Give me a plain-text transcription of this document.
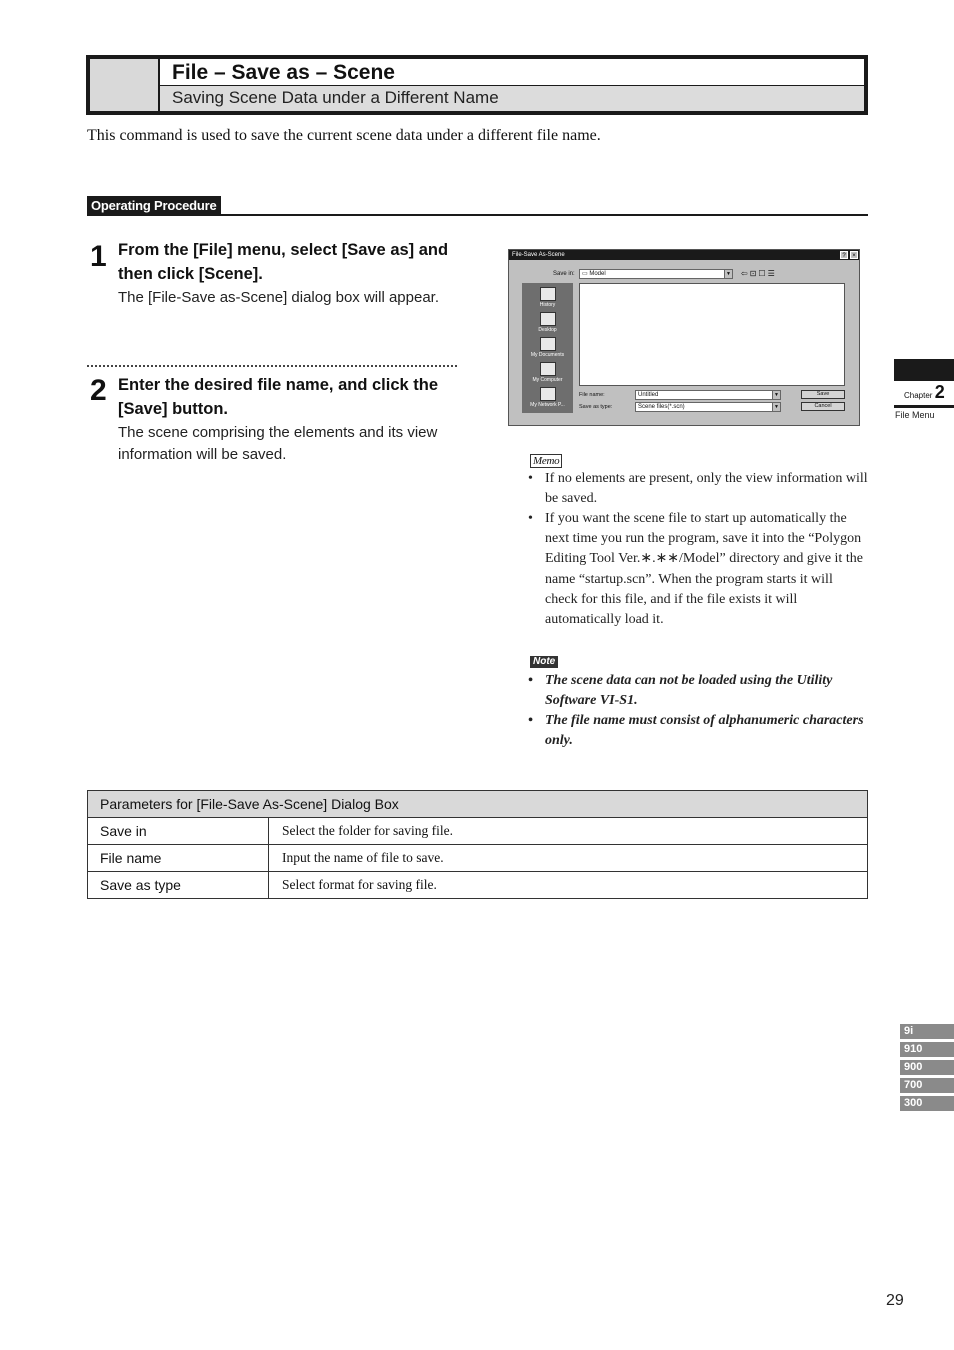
File – Save as – Scene
Saving Scene Data under a Different Name

This command is used to save the current scene data under a different file name.

Operating Procedure
1 From the [File] menu, select [Save as] and then click [Scene].
The [File-Save as-Scene] dialog box will appear.
2 Enter the desired file name, and click the [Save] button.
The scene comprising the elements and its view information will be saved.
File-Save As-Scene	?	×
Save in:	▭ Model	▼ ⇦⊡☐☰
History
Desktop
My Documents
My Computer
My Network P...
File name:	Untitled	▼
Save as type:	Scene files(*.scn)	▼
Save
Cancel
Memo
• If no elements are present, only the view information will be saved.
• If you want the scene file to start up automatically the next time you run the program, save it into the “Polygon Editing Tool Ver.∗.∗∗/Model” directory and give it the name “startup.scn”. When the program starts it will check for this file, and if the file exists it will automatically load it.
Note
• The scene data can not be loaded using the Utility Software VI-S1.
• The file name must consist of alphanumeric characters only.
Parameters for [File-Save As-Scene] Dialog Box	
Save in	Select the folder for saving file.
File name	Input the name of file to save.
Save as type	Select format for saving file.
Chapter 2
File Menu
9i
910
900
700
300
29
